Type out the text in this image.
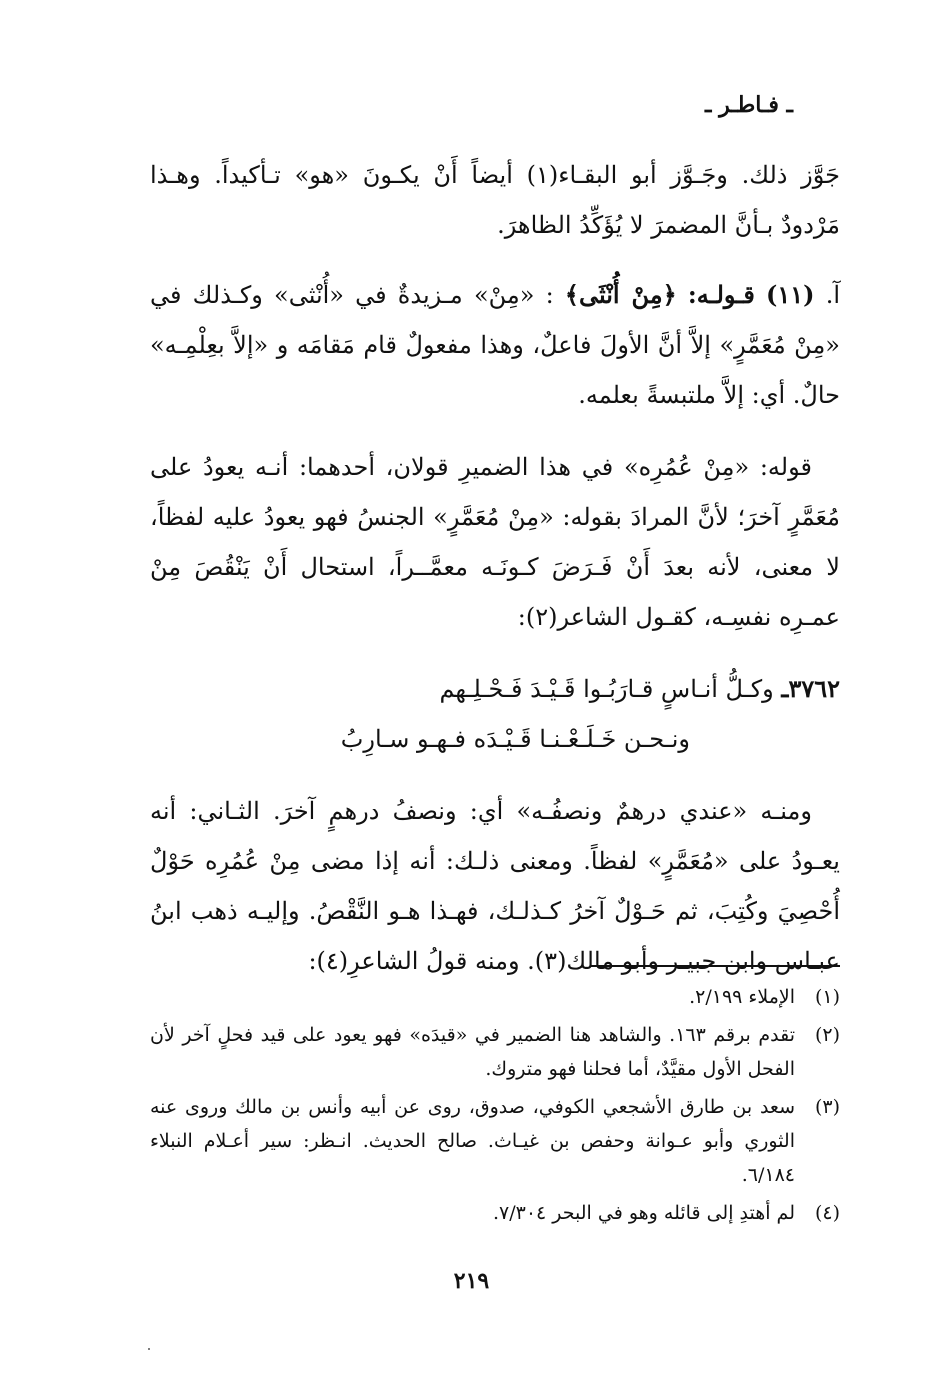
ـ فـاطـر ـ

جَوَّز ذلك. وجَـوَّز أبو البقـاء(١) أيضاً أَنْ يكـونَ «هو» تـأكيداً. وهـذا مَرْدودٌ بـأنَّ المضمرَ لا يُؤَكِّدُ الظاهرَ.

آ. (١١) قـولـه: ﴿مِنْ أُنْثَى﴾ : «مِنْ» مـزيدةٌ في «أُنْثى» وكـذلك في «مِنْ مُعَمَّرٍ» إلاَّ أنَّ الأولَ فاعلٌ، وهذا مفعولٌ قام مَقامَه و «إلاَّ بعِلْمِـه» حالٌ. أي: إلاَّ ملتبسةً بعلمه.

قوله: «مِنْ عُمُرِه» في هذا الضميرِ قولان، أحدهما: أنـه يعودُ على مُعَمَّرٍ آخرَ؛ لأنَّ المرادَ بقوله: «مِنْ مُعَمَّرٍ» الجنسُ فهو يعودُ عليه لفظاً، لا معنى، لأنه بعدَ أَنْ فَـرَضَ كـونَـه معمَّــراً، استحال أَنْ يَنْقُصَ مِنْ عمـرِه نفسِـه، كقـول الشاعر(٢):

٣٧٦٢ـ وكـلُّ أنـاسٍ قـارَبُـوا قَـيْـدَ فَـحْـلِـهم
ونـحـن خَـلَـعْـنـا قَـيْـدَه فـهـو سـارِبُ

ومنـه «عندي درهمٌ ونصفُـه» أي: ونصفُ درهمٍ آخرَ. الثـاني: أنه يعـودُ على «مُعَمَّرٍ» لفظاً. ومعنى ذلـك: أنه إذا مضى مِنْ عُمُرِه حَوْلٌ أُحْصِيَ وكُتِبَ، ثم حَـوْلٌ آخرُ كـذلـك، فهـذا هـو النَّقْصُ. وإليـه ذهب ابنُ عبـاس وابن جبيـر وأبو مالك(٣). ومنه قولُ الشاعرِ(٤):

(١)
الإملاء ٢/١٩٩.
(٢)
تقدم برقم ١٦٣. والشاهد هنا الضمير في «قيدَه» فهو يعود على قيد فحلٍ آخر لأن الفحل الأول مقيَّدٌ، أما فحلنا فهو متروك.
(٣)
سعد بن طارق الأشجعي الكوفي، صدوق، روى عن أبيه وأنس بن مالك وروى عنه الثوري وأبو عـوانة وحفص بن غيـاث. صالح الحديث. انـظر: سير أعـلام النبلاء ٦/١٨٤.
(٤)
لم أهتدِ إلى قائله وهو في البحر ٧/٣٠٤.
٢١٩
